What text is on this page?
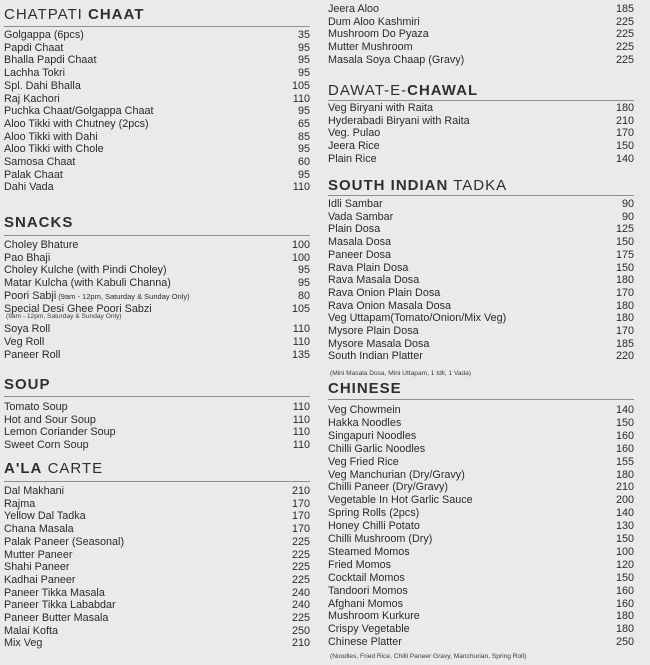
CHATPATI CHAAT
Golgappa (6pcs)	35
Papdi Chaat	95
Bhalla Papdi Chaat	95
Lachha Tokri	95
Spl. Dahi Bhalla	105
Raj Kachori	110
Puchka Chaat/Golgappa Chaat	95
Aloo Tikki with Chutney (2pcs)	65
Aloo Tikki with Dahi	85
Aloo Tikki with Chole	95
Samosa Chaat	60
Palak Chaat	95
Dahi Vada	110
SNACKS
Choley Bhature	100
Pao Bhaji	100
Choley Kulche (with Pindi Choley)	95
Matar Kulcha (with Kabuli Channa)	95
Poori Sabji (9am - 12pm, Saturday & Sunday Only)	80
Special Desi Ghee Poori Sabzi	105
(9am - 12pm, Saturday & Sunday Only)
Soya Roll	110
Veg Roll	110
Paneer Roll	135
SOUP
Tomato Soup	110
Hot and Sour Soup	110
Lemon Coriander Soup	110
Sweet Corn Soup	110
A'LA CARTE
Dal Makhani	210
Rajma	170
Yellow Dal Tadka	170
Chana Masala	170
Palak Paneer (Seasonal)	225
Mutter Paneer	225
Shahi Paneer	225
Kadhai Paneer	225
Paneer Tikka Masala	240
Paneer Tikka Lababdar	240
Paneer Butter Masala	225
Malai Kofta	250
Mix Veg	210
Jeera Aloo	185
Dum Aloo Kashmiri	225
Mushroom Do Pyaza	225
Mutter Mushroom	225
Masala Soya Chaap (Gravy)	225
DAWAT-E-CHAWAL
Veg Biryani with Raita	180
Hyderabadi Biryani with Raita	210
Veg. Pulao	170
Jeera Rice	150
Plain Rice	140
SOUTH INDIAN TADKA
Idli Sambar	90
Vada Sambar	90
Plain Dosa	125
Masala Dosa	150
Paneer Dosa	175
Rava Plain Dosa	150
Rava Masala Dosa	180
Rava Onion Plain Dosa	170
Rava Onion Masala Dosa	180
Veg Uttapam(Tomato/Onion/Mix Veg)	180
Mysore Plain Dosa	170
Mysore Masala Dosa	185
South Indian Platter	220
(Mini Masala Dosa, Mini Uttapam, 1 Idli, 1 Vada)
CHINESE
Veg Chowmein	140
Hakka Noodles	150
Singapuri Noodles	160
Chilli Garlic Noodles	160
Veg Fried Rice	155
Veg Manchurian (Dry/Gravy)	180
Chilli Paneer (Dry/Gravy)	210
Vegetable In Hot Garlic Sauce	200
Spring Rolls (2pcs)	140
Honey Chilli Potato	130
Chilli Mushroom (Dry)	150
Steamed Momos	100
Fried Momos	120
Cocktail Momos	150
Tandoori Momos	160
Afghani Momos	160
Mushroom Kurkure	180
Crispy Vegetable	180
Chinese Platter	250
(Noodles, Fried Rice, Chilli Paneer Gravy, Manchurian, Spring Roll)
